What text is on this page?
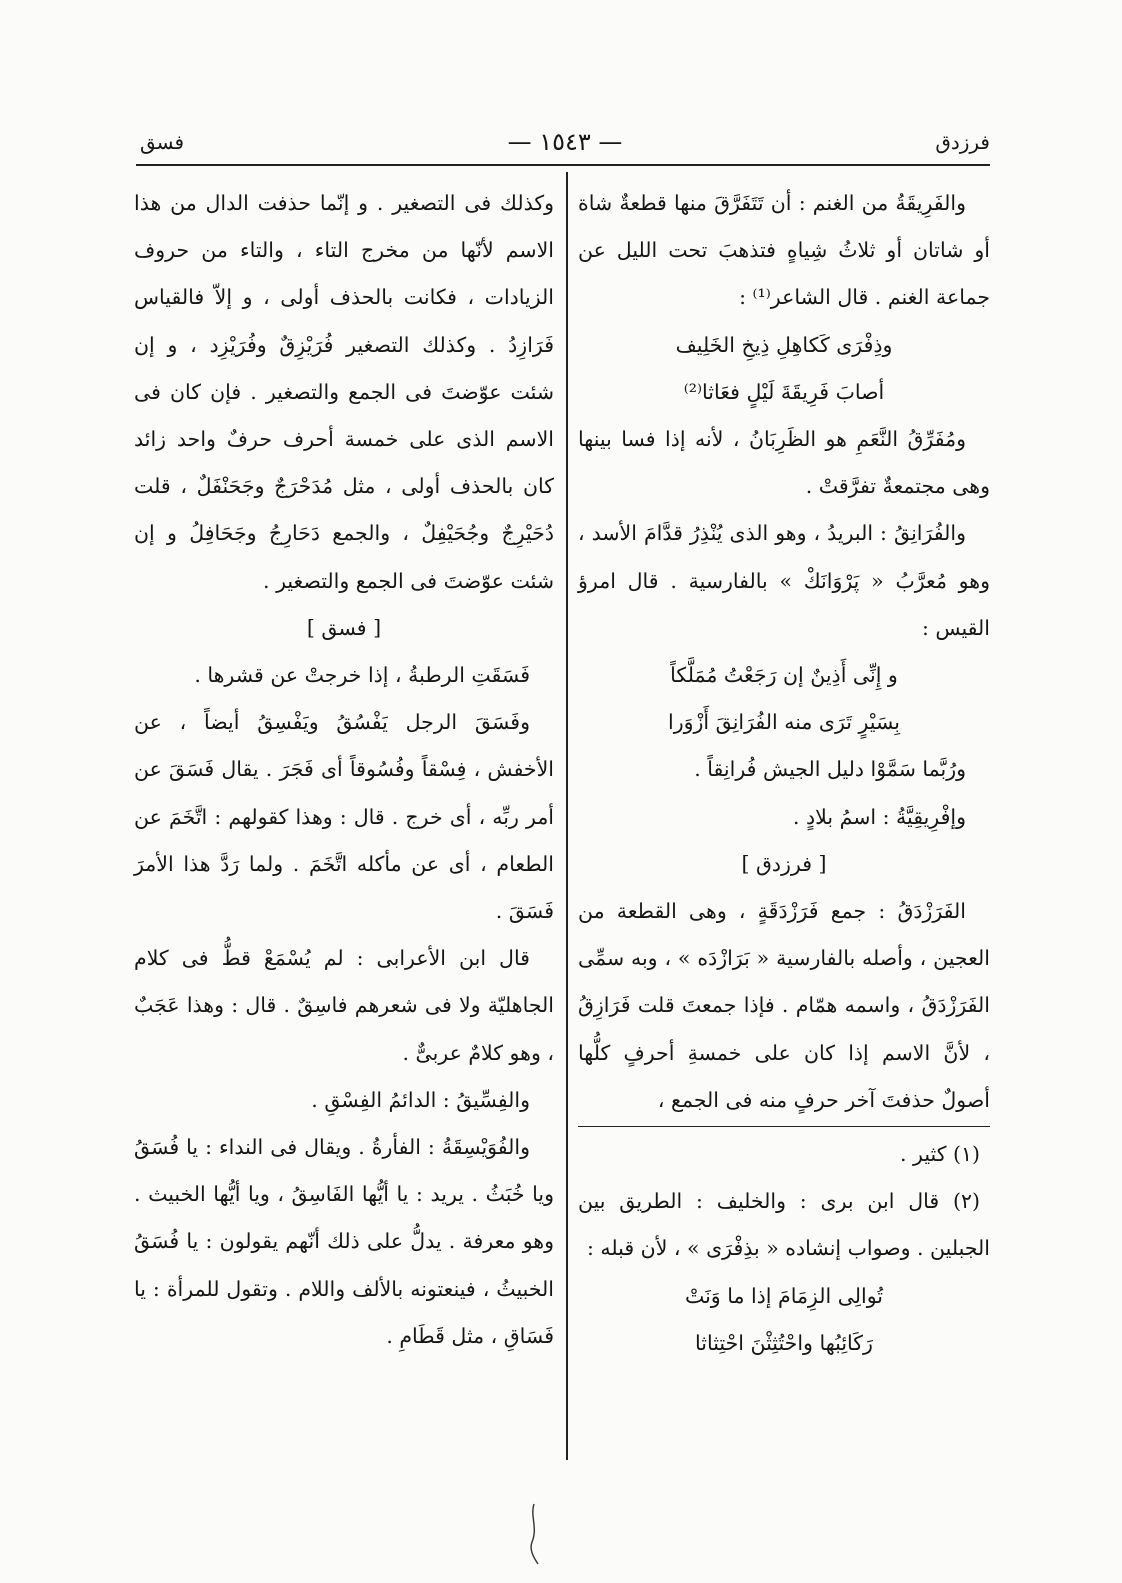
فرزدق
— ١٥٤٣ —
فسق

والفَرِيقَةُ من الغنم : أن تَتَفَرَّقَ منها قطعةٌ شاة أو شاتان أو ثلاثُ شِياهٍ فتذهبَ تحت الليل عن جماعة الغنم . قال الشاعر⁽¹⁾ :

وذِفْرَى كَكاهِلِ ذِيخِ الخَلِيف

أصابَ فَرِيقَةَ لَيْلٍ فعَاثا⁽²⁾

ومُفَرِّقُ النَّعَمِ هو الظَرِبَانُ ، لأنه إذا فسا بينها وهى مجتمعةٌ تفرَّقتْ .

والفُرَانِقُ : البريدُ ، وهو الذى يُنْذِرُ قدَّامَ الأسد ، وهو مُعرَّبُ « پَرْوَانَكْ » بالفارسية . قال امرؤ القيس :

و إِنِّى أَذِينٌ إن رَجَعْتُ مُمَلَّكاً

بِسَيْرٍ تَرَى منه الفُرَانِقَ أَزْوَرا

ورُبَّما سَمَّوْا دليل الجيش فُرانِقاً .

وإفْرِيقِيَّةُ : اسمُ بلادٍ .

[ فرزدق ]

الفَرَزْدَقُ : جمع فَرَزْدَقَةٍ ، وهى القطعة من العجين ، وأصله بالفارسية « بَرَازْدَه » ، وبه سمِّى الفَرَزْدَقُ ، واسمه همّام . فإذا جمعتَ قلت فَرَازِقُ ، لأنَّ الاسم إذا كان على خمسةِ أحرفٍ كلُّها أصولٌ حذفتَ آخر حرفٍ منه فى الجمع ،

(١) كثير .

(٢) قال ابن برى : والخليف : الطريق بين الجبلين . وصواب إنشاده « بذِفْرَى » ، لأن قبله :

تُوالِى الزِمَامَ إذا ما وَنَتْ

رَكَائِبُها واحْتُثِثْنَ احْتِثاثا

وكذلك فى التصغير . و إنّما حذفت الدال من هذا الاسم لأنّها من مخرج التاء ، والتاء من حروف الزيادات ، فكانت بالحذف أولى ، و إلاّ فالقياس فَرَازِدُ . وكذلك التصغير فُرَيْزِقٌ وفُرَيْزِد ، و إن شئت عوّضتَ فى الجمع والتصغير . فإن كان فى الاسم الذى على خمسة أحرف حرفٌ واحد زائد كان بالحذف أولى ، مثل مُدَحْرَجٌ وجَحَنْفَلٌ ، قلت دُحَيْرِجٌ وجُحَيْفِلٌ ، والجمع دَحَارِجُ وجَحَافِلُ و إن شئت عوّضتَ فى الجمع والتصغير .

[ فسق ]

فَسَقَتِ الرطبةُ ، إذا خرجتْ عن قشرها .

وفَسَقَ الرجل يَفْسُقُ ويَفْسِقُ أيضاً ، عن الأخفش ، فِسْقاً وفُسُوقاً أى فَجَرَ . يقال فَسَقَ عن أمر ربِّه ، أى خرج . قال : وهذا كقولهم : اتَّخَمَ عن الطعام ، أى عن مأكله اتَّخَمَ . ولما رَدَّ هذا الأمرَ فَسَقَ .

قال ابن الأعرابى : لم يُسْمَعْ قطُّ فى كلام الجاهليّة ولا فى شعرهم فاسِقٌ . قال : وهذا عَجَبٌ ، وهو كلامٌ عربىٌّ .

والفِسِّيقُ : الدائمُ الفِسْقِ .

والفُوَيْسِقَةُ : الفأرةُ . ويقال فى النداء : يا فُسَقُ ويا خُبَثُ . يريد : يا أيُّها الفَاسِقُ ، ويا أيُّها الخبيث . وهو معرفة . يدلُّ على ذلك أنّهم يقولون : يا فُسَقُ الخبيثُ ، فينعتونه بالألف واللام . وتقول للمرأة : يا فَسَاقِ ، مثل قَطَامِ .
